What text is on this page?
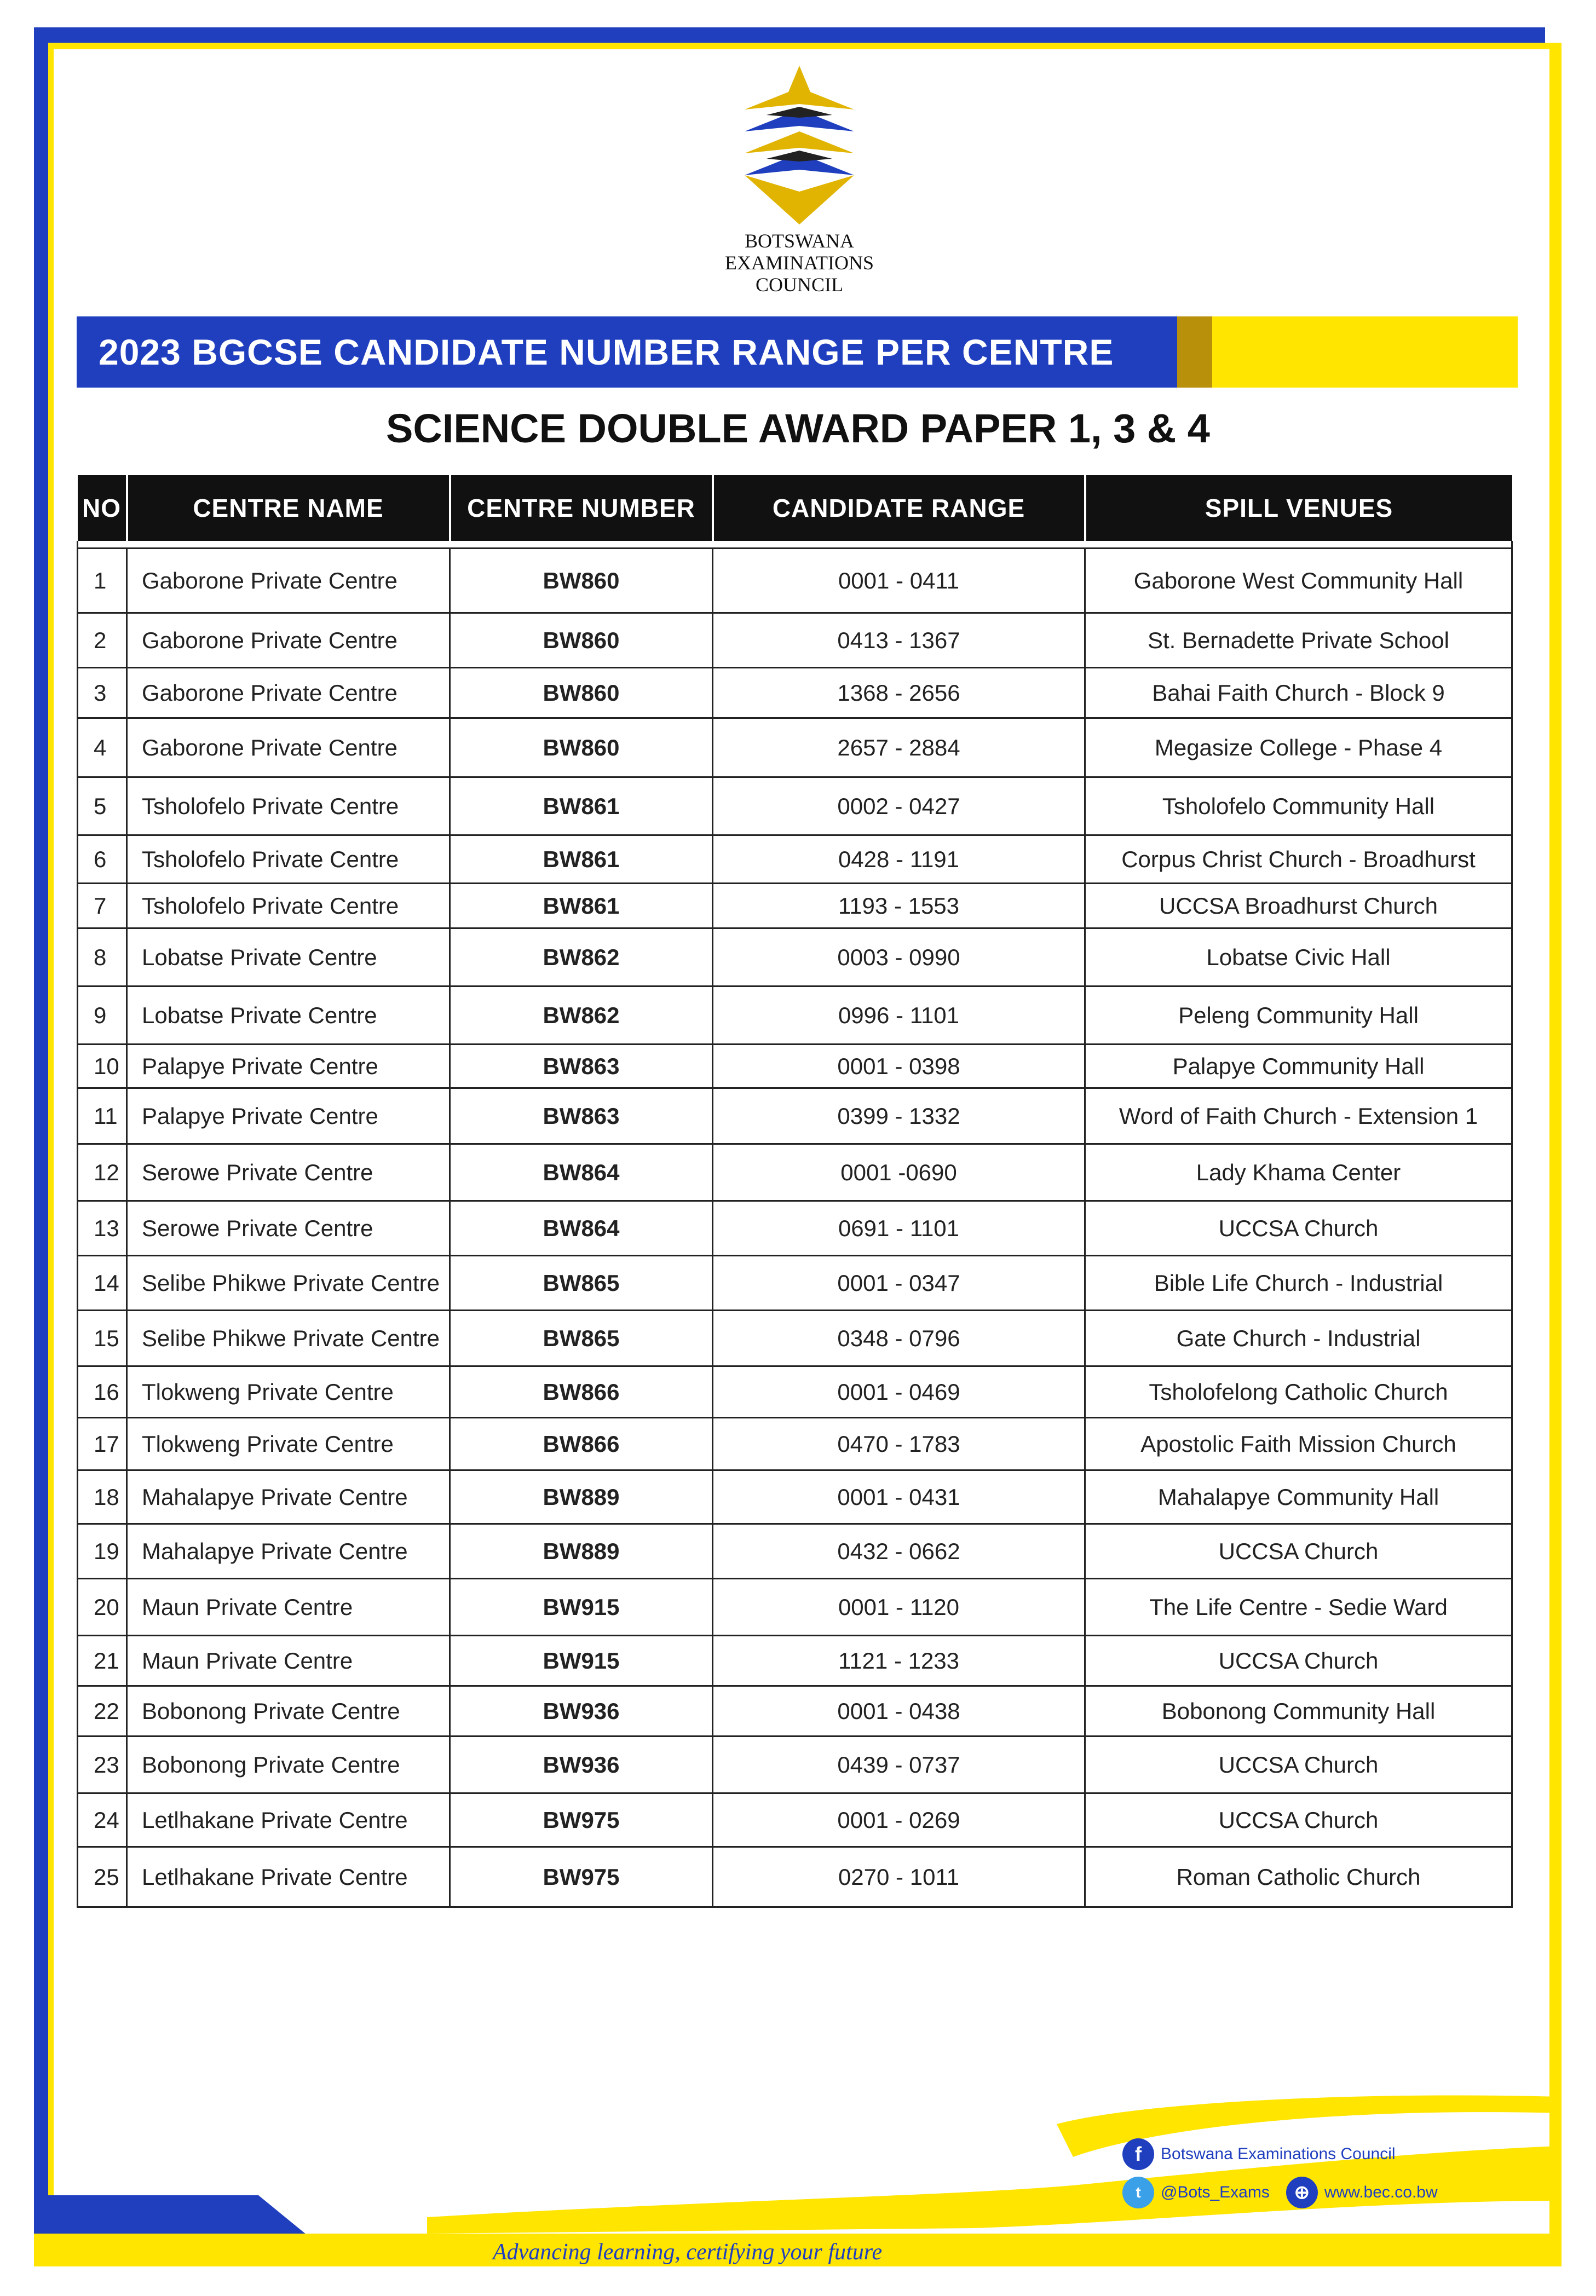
BOTSWANA
EXAMINATIONS
COUNCIL
2023 BGCSE CANDIDATE NUMBER RANGE PER CENTRE
SCIENCE DOUBLE AWARD PAPER 1, 3 & 4
NO	CENTRE NAME	CENTRE NUMBER	CANDIDATE RANGE	SPILL VENUES

1	Gaborone Private Centre	BW860	0001 - 0411	Gaborone West Community Hall
2	Gaborone Private Centre	BW860	0413 - 1367	St. Bernadette Private School
3	Gaborone Private Centre	BW860	1368 - 2656	Bahai Faith Church - Block 9
4	Gaborone Private Centre	BW860	2657 - 2884	Megasize College - Phase 4
5	Tsholofelo Private Centre	BW861	0002 - 0427	Tsholofelo Community Hall
6	Tsholofelo Private Centre	BW861	0428 - 1191	Corpus Christ Church - Broadhurst
7	Tsholofelo Private Centre	BW861	1193 - 1553	UCCSA Broadhurst Church
8	Lobatse Private Centre	BW862	0003 - 0990	Lobatse Civic Hall
9	Lobatse Private Centre	BW862	0996 - 1101	Peleng Community Hall
10	Palapye Private Centre	BW863	0001 - 0398	Palapye Community Hall
11	Palapye Private Centre	BW863	0399 - 1332	Word of Faith Church - Extension 1
12	Serowe Private Centre	BW864	0001 -0690	Lady Khama Center
13	Serowe Private Centre	BW864	0691 - 1101	UCCSA Church
14	Selibe Phikwe Private Centre	BW865	0001 - 0347	Bible Life Church - Industrial
15	Selibe Phikwe Private Centre	BW865	0348 - 0796	Gate Church - Industrial
16	Tlokweng Private Centre	BW866	0001 - 0469	Tsholofelong Catholic Church
17	Tlokweng Private Centre	BW866	0470 - 1783	Apostolic Faith Mission Church
18	Mahalapye Private Centre	BW889	0001 - 0431	Mahalapye Community Hall
19	Mahalapye Private Centre	BW889	0432 - 0662	UCCSA Church
20	Maun Private Centre	BW915	0001 - 1120	The Life Centre - Sedie Ward
21	Maun Private Centre	BW915	1121 - 1233	UCCSA Church
22	Bobonong Private Centre	BW936	0001 - 0438	Bobonong Community Hall
23	Bobonong Private Centre	BW936	0439 - 0737	UCCSA Church
24	Letlhakane Private Centre	BW975	0001 - 0269	UCCSA Church
25	Letlhakane Private Centre	BW975	0270 - 1011	Roman Catholic Church
f	Botswana Examinations Council
t	@Bots_Exams	⊕ www.bec.co.bw
Advancing learning, certifying your future
